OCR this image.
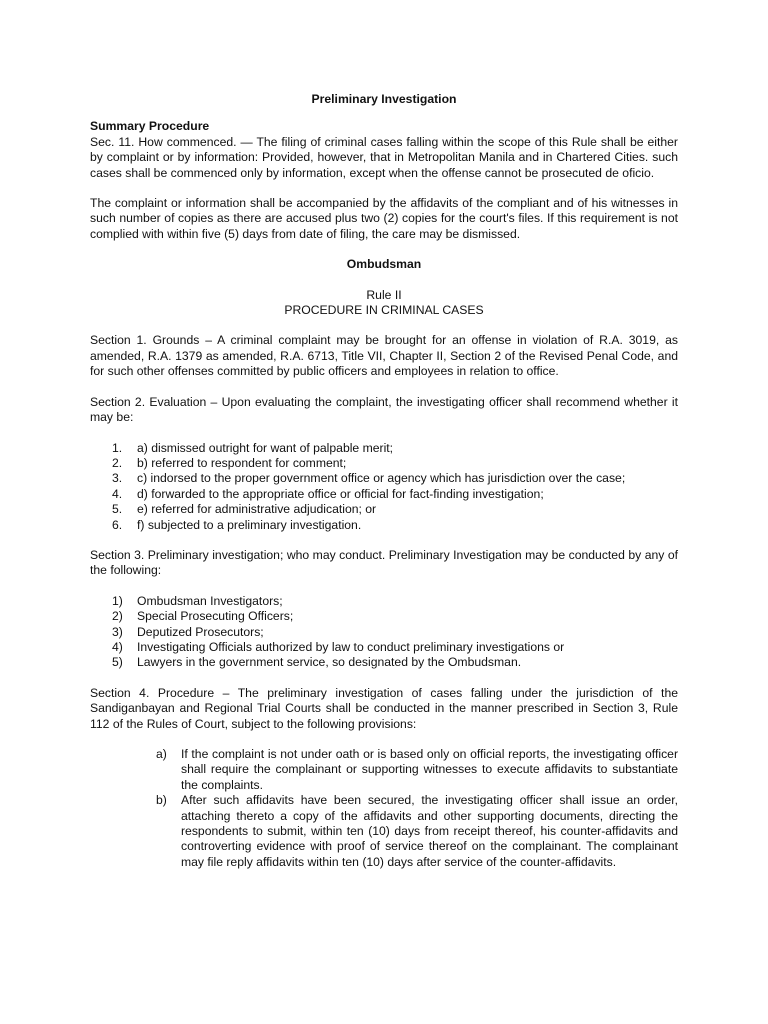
Preliminary Investigation
Summary Procedure

Sec. 11. How commenced. — The filing of criminal cases falling within the scope of this Rule shall be either by complaint or by information: Provided, however, that in Metropolitan Manila and in Chartered Cities. such cases shall be commenced only by information, except when the offense cannot be prosecuted de oficio.

The complaint or information shall be accompanied by the affidavits of the compliant and of his witnesses in such number of copies as there are accused plus two (2) copies for the court's files. If this requirement is not complied with within five (5) days from date of filing, the care may be dismissed.

Ombudsman
Rule II
PROCEDURE IN CRIMINAL CASES

Section 1. Grounds – A criminal complaint may be brought for an offense in violation of R.A. 3019, as amended, R.A. 1379 as amended, R.A. 6713, Title VII, Chapter II, Section 2 of the Revised Penal Code, and for such other offenses committed by public officers and employees in relation to office.

Section 2. Evaluation – Upon evaluating the complaint, the investigating officer shall recommend whether it may be:

1.	a) dismissed outright for want of palpable merit;
2.	b) referred to respondent for comment;
3.	c) indorsed to the proper government office or agency which has jurisdiction over the case;
4.	d) forwarded to the appropriate office or official for fact-finding investigation;
5.	e) referred for administrative adjudication; or
6.	f) subjected to a preliminary investigation.

Section 3. Preliminary investigation; who may conduct. Preliminary Investigation may be conducted by any of the following:

1)	Ombudsman Investigators;
2)	Special Prosecuting Officers;
3)	Deputized Prosecutors;
4)	Investigating Officials authorized by law to conduct preliminary investigations or
5)	Lawyers in the government service, so designated by the Ombudsman.

Section 4. Procedure – The preliminary investigation of cases falling under the jurisdiction of the Sandiganbayan and Regional Trial Courts shall be conducted in the manner prescribed in Section 3, Rule 112 of the Rules of Court, subject to the following provisions:

a)	If the complaint is not under oath or is based only on official reports, the investigating officer shall require the complainant or supporting witnesses to execute affidavits to substantiate the complaints.
b)	After such affidavits have been secured, the investigating officer shall issue an order, attaching thereto a copy of the affidavits and other supporting documents, directing the respondents to submit, within ten (10) days from receipt thereof, his counter-affidavits and controverting evidence with proof of service thereof on the complainant. The complainant may file reply affidavits within ten (10) days after service of the counter-affidavits.
